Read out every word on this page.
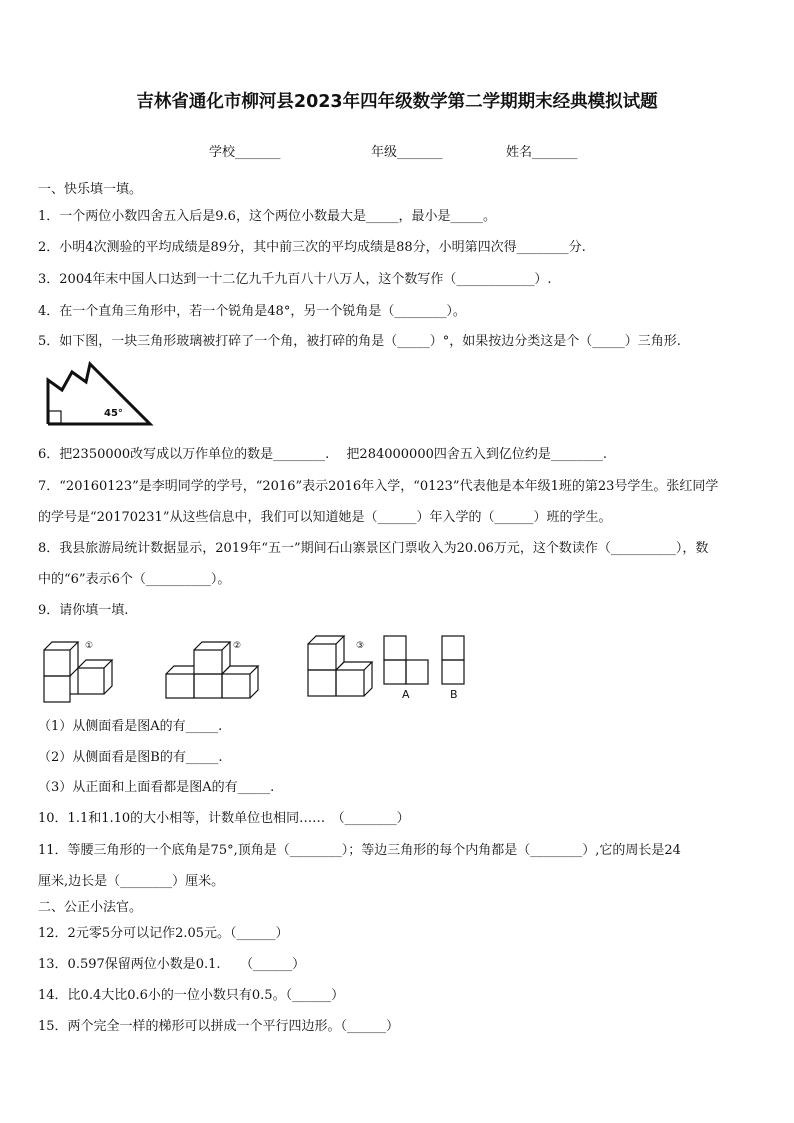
吉林省通化市柳河县2023年四年级数学第二学期期末经典模拟试题
学校_______	年级_______	姓名_______
一、快乐填一填。
1．一个两位小数四舍五入后是9.6，这个两位小数最大是_____，最小是_____。
2．小明4次测验的平均成绩是89分，其中前三次的平均成绩是88分，小明第四次得________分.
3．2004年末中国人口达到一十二亿九千九百八十八万人，这个数写作（____________）.
4．在一个直角三角形中，若一个锐角是48°，另一个锐角是（________）。
5．如下图，一块三角形玻璃被打碎了一个角，被打碎的角是（_____）°，如果按边分类这是个（_____）三角形.
45°
6．把2350000改写成以万作单位的数是________.　 把284000000四舍五入到亿位约是________.
7．“20160123”是李明同学的学号，“2016”表示2016年入学，“0123”代表他是本年级1班的第23号学生。张红同学
的学号是“20170231”从这些信息中，我们可以知道她是（______）年入学的（______）班的学生。
8．我县旅游局统计数据显示，2019年“五一”期间石山寨景区门票收入为20.06万元，这个数读作（__________），数
中的“6”表示6个（__________）。
9．请你填一填.
①	②	③
A	B
（1）从侧面看是图A的有_____.
（2）从侧面看是图B的有_____.
（3）从正面和上面看都是图A的有_____.
10．1.1和1.10的大小相等，计数单位也相同……　（________）
11．等腰三角形的一个底角是75°,顶角是（________）；等边三角形的每个内角都是（________）,它的周长是24
厘米,边长是（________）厘米。
二、公正小法官。
12．2元零5分可以记作2.05元。（______）
13．0.597保留两位小数是0.1.　　（______）
14．比0.4大比0.6小的一位小数只有0.5。（______）
15．两个完全一样的梯形可以拼成一个平行四边形。（______）
